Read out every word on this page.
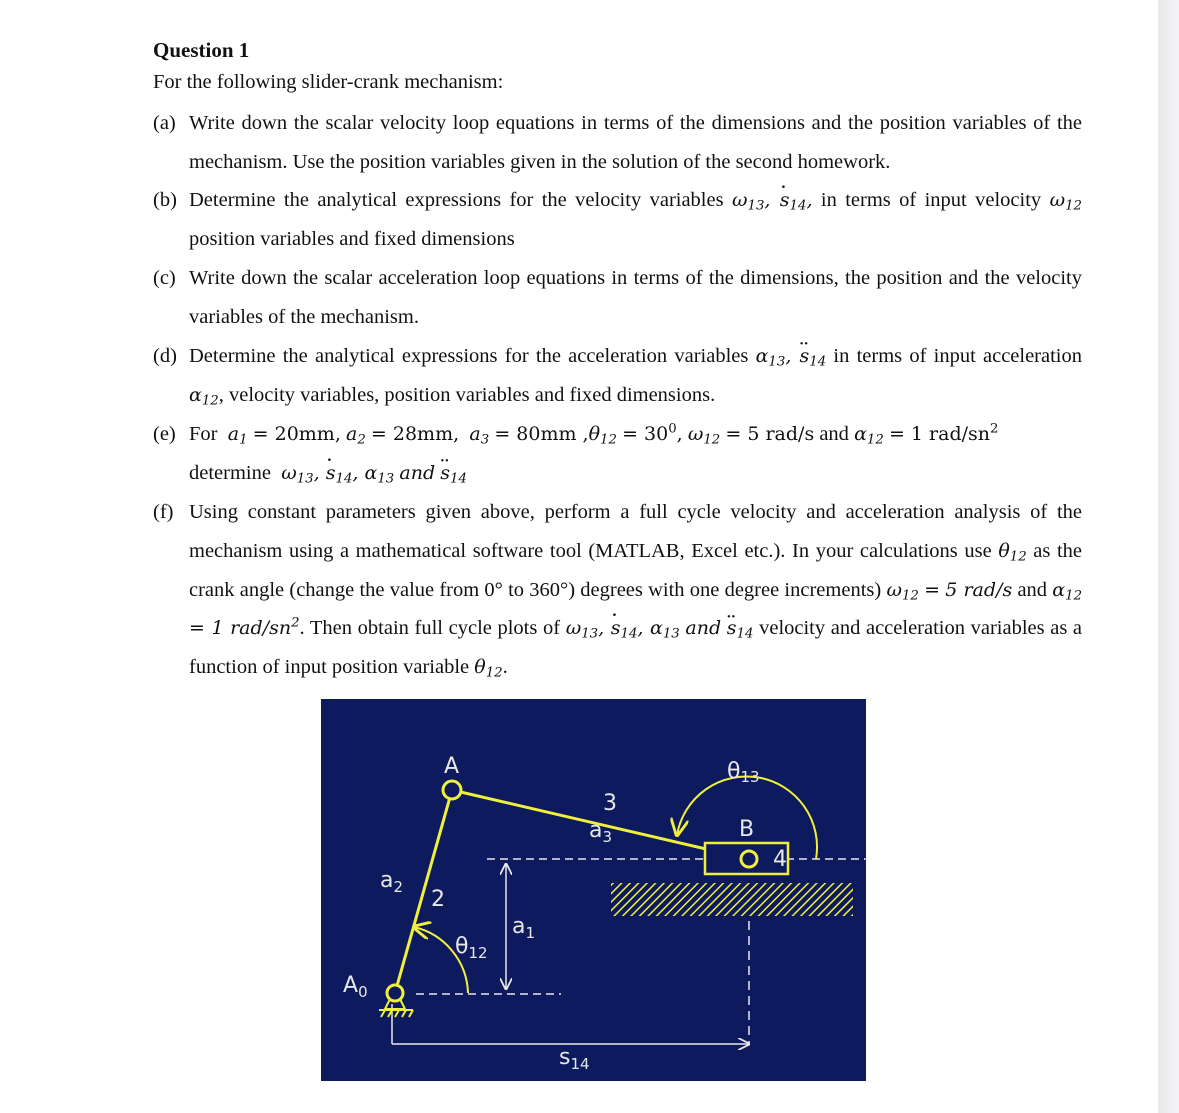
Question 1
For the following slider-crank mechanism:
(a) Write down the scalar velocity loop equations in terms of the dimensions and the position variables of the mechanism. Use the position variables given in the solution of the second homework.
(b) Determine the analytical expressions for the velocity variables $\omega_{13}$, · $s_{14}$, in terms of input velocity $\omega_{12}$ position variables and fixed dimensions
(c) Write down the scalar acceleration loop equations in terms of the dimensions, the position and the velocity variables of the mechanism.
(d) Determine the analytical expressions for the acceleration variables $\alpha_{13}$, ·· $s_{14}$ in terms of input acceleration $\alpha_{12}$, velocity variables, position variables and fixed dimensions.
(e) For $a_1 = 20mm$, $a_2 = 28mm$, $a_3 = 80mm$ $,\theta_{12} = 30^0$, $\omega_{12} = 5$ rad/s and $\alpha_{12} = 1$ rad/$sn^2$
determine $\omega_{13}$, · $s_{14}$, $\alpha_{13}$ and ·· $s_{14}$
(f) Using constant parameters given above, perform a full cycle velocity and acceleration analysis of the mechanism using a mathematical software tool (MATLAB, Excel etc.). In your calculations use $\theta_{12}$ as the crank angle (change the value from 0° to 360°) degrees with one degree increments) $\omega_{12} = 5$ rad/s and $\alpha_{12} = 1$ rad/$sn^2$. Then obtain full cycle plots of $\omega_{13}$, · $s_{14}$, $\alpha_{13}$ and ·· $s_{14}$ velocity and acceleration variables as a function of input position variable $\theta_{12}$.
A
B
θ13
3
$a_3$
4
$a_2$ 2
$a_1$
$\theta_{12}$
$A_0$
$s_{14}$
